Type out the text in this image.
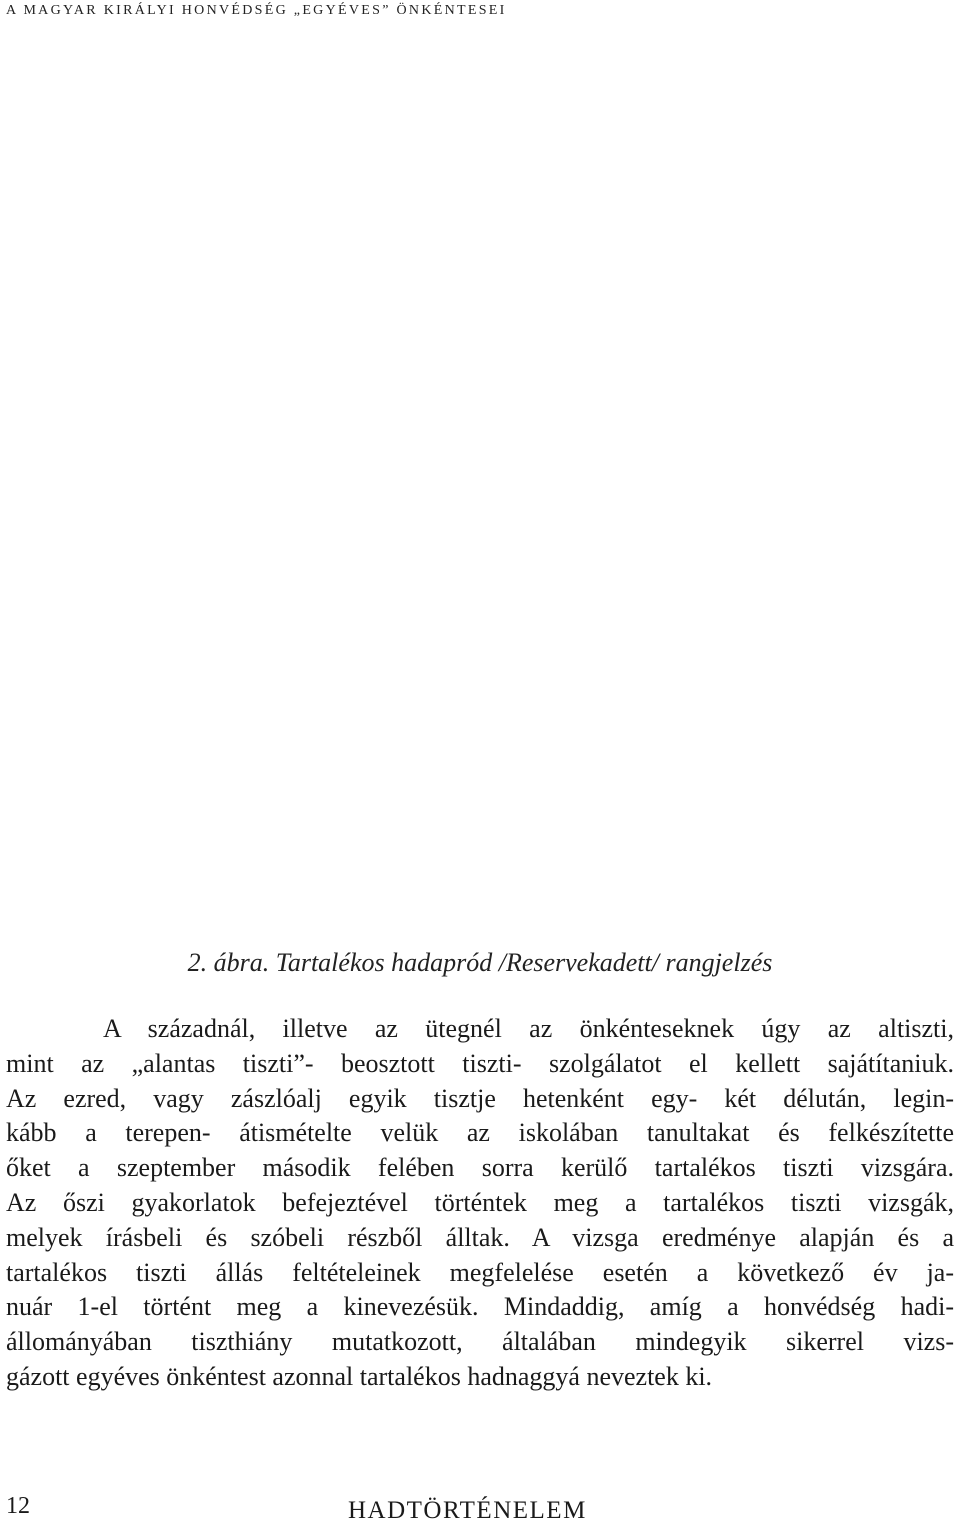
A MAGYAR KIRÁLYI HONVÉDSÉG „EGYÉVES” ÖNKÉNTESEI
2. ábra. Tartalékos hadapród /Reservekadett/ rangjelzés
A századnál, illetve az ütegnél az önkénteseknek úgy az altiszti,
mint az „alantas tiszti”- beosztott tiszti- szolgálatot el kellett sajátítaniuk.
Az ezred, vagy zászlóalj egyik tisztje hetenként egy- két délután, legin-
kább a terepen- átismételte velük az iskolában tanultakat és felkészítette
őket a szeptember második felében sorra kerülő tartalékos tiszti vizsgára.
Az őszi gyakorlatok befejeztével történtek meg a tartalékos tiszti vizsgák,
melyek írásbeli és szóbeli részből álltak. A vizsga eredménye alapján és a
tartalékos tiszti állás feltételeinek megfelelése esetén a következő év ja-
nuár 1-el történt meg a kinevezésük. Mindaddig, amíg a honvédség hadi-
állományában tiszthiány mutatkozott, általában mindegyik sikerrel vizs-
gázott egyéves önkéntest azonnal tartalékos hadnaggyá neveztek ki.
12	HADTÖRTÉNELEM
